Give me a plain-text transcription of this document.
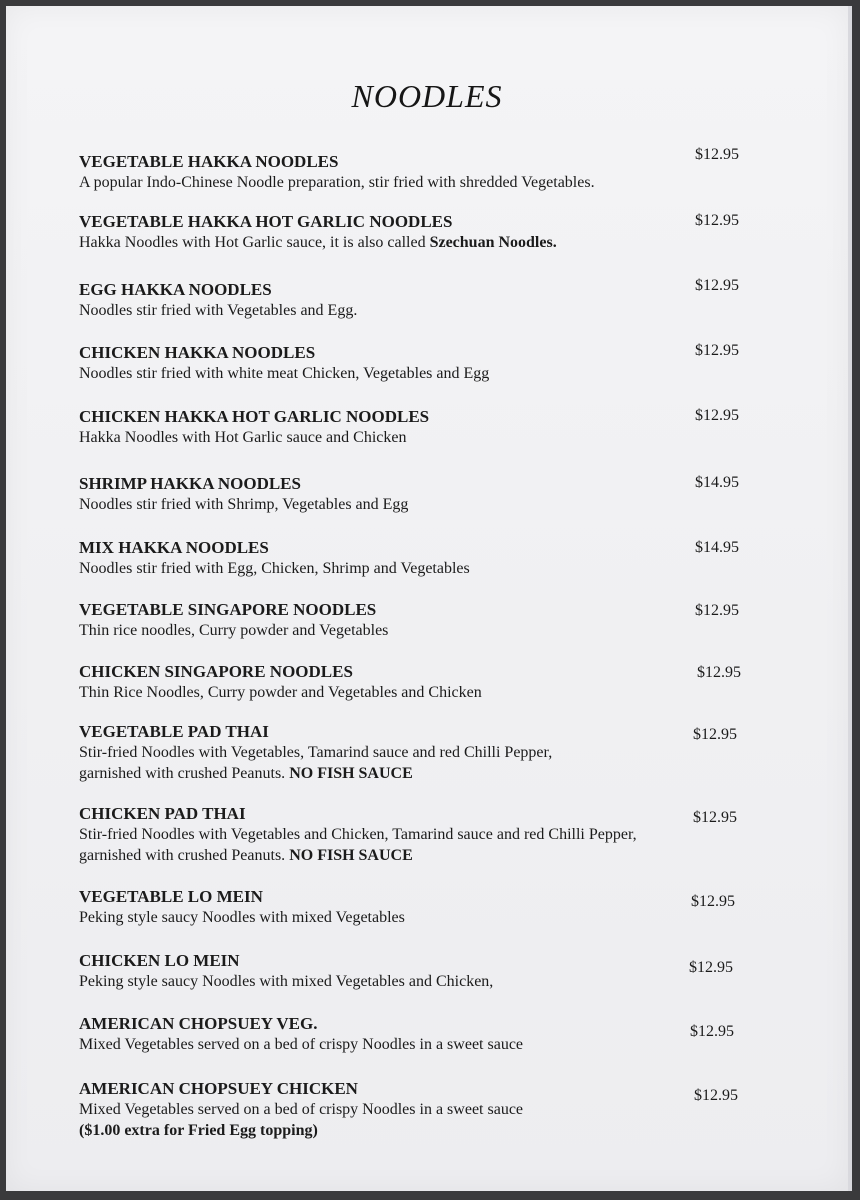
NOODLES
VEGETABLE HAKKA NOODLES
A popular Indo-Chinese Noodle preparation, stir fried with shredded Vegetables.
$12.95
VEGETABLE HAKKA HOT GARLIC NOODLES
Hakka Noodles with Hot Garlic sauce, it is also called Szechuan Noodles.
$12.95
EGG HAKKA NOODLES
Noodles stir fried with Vegetables and Egg.
$12.95
CHICKEN HAKKA NOODLES
Noodles stir fried with white meat Chicken, Vegetables and Egg
$12.95
CHICKEN HAKKA HOT GARLIC NOODLES
Hakka Noodles with Hot Garlic sauce and Chicken
$12.95
SHRIMP HAKKA NOODLES
Noodles stir fried with Shrimp, Vegetables and Egg
$14.95
MIX HAKKA NOODLES
Noodles stir fried with Egg, Chicken, Shrimp and Vegetables
$14.95
VEGETABLE SINGAPORE NOODLES
Thin rice noodles, Curry powder and Vegetables
$12.95
CHICKEN SINGAPORE NOODLES
Thin Rice Noodles, Curry powder and Vegetables and Chicken
$12.95
VEGETABLE PAD THAI
Stir-fried Noodles with Vegetables, Tamarind sauce and red Chilli Pepper,
garnished with crushed Peanuts. NO FISH SAUCE
$12.95
CHICKEN PAD THAI
Stir-fried Noodles with Vegetables and Chicken, Tamarind sauce and red Chilli Pepper,
garnished with crushed Peanuts. NO FISH SAUCE
$12.95
VEGETABLE LO MEIN
Peking style saucy Noodles with mixed Vegetables
$12.95
CHICKEN LO MEIN
Peking style saucy Noodles with mixed Vegetables and Chicken,
$12.95
AMERICAN CHOPSUEY VEG.
Mixed Vegetables served on a bed of crispy Noodles in a sweet sauce
$12.95
AMERICAN CHOPSUEY CHICKEN
Mixed Vegetables served on a bed of crispy Noodles in a sweet sauce
($1.00 extra for Fried Egg topping)
$12.95
